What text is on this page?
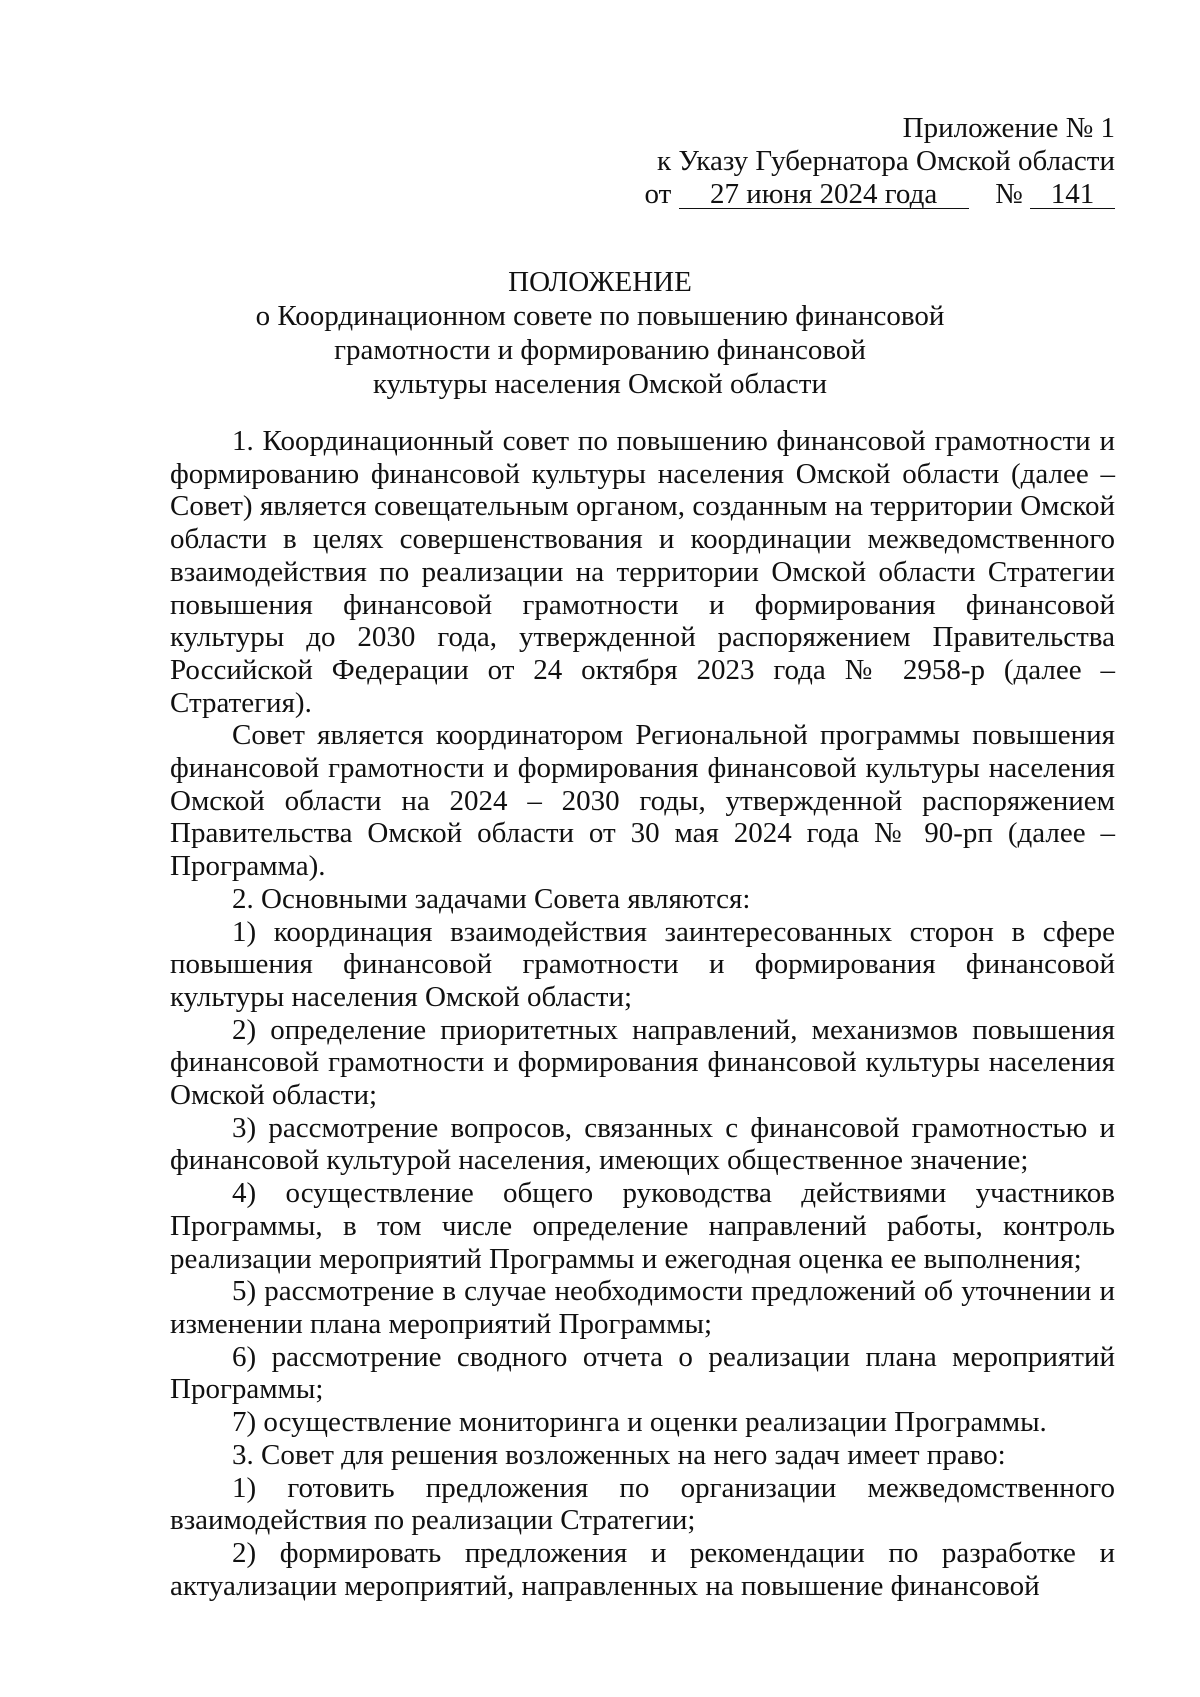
Приложение № 1
к Указу Губернатора Омской области
от 27 июня 2024 года № 141
ПОЛОЖЕНИЕ
о Координационном совете по повышению финансовой
грамотности и формированию финансовой
культуры населения Омской области

1. Координационный совет по повышению финансовой грамотности и формированию финансовой культуры населения Омской области (далее – Совет) является совещательным органом, созданным на территории Омской области в целях совершенствования и координации межведомственного взаимодействия по реализации на территории Омской области Стратегии повышения финансовой грамотности и формирования финансовой культуры до 2030 года, утвержденной распоряжением Правительства Российской Федерации от 24 октября 2023 года № 2958-р (далее – Стратегия).

Совет является координатором Региональной программы повышения финансовой грамотности и формирования финансовой культуры населения Омской области на 2024 – 2030 годы, утвержденной распоряжением Правительства Омской области от 30 мая 2024 года № 90-рп (далее – Программа).

2. Основными задачами Совета являются:

1) координация взаимодействия заинтересованных сторон в сфере повышения финансовой грамотности и формирования финансовой культуры населения Омской области;

2) определение приоритетных направлений, механизмов повышения финансовой грамотности и формирования финансовой культуры населения Омской области;

3) рассмотрение вопросов, связанных с финансовой грамотностью и финансовой культурой населения, имеющих общественное значение;

4) осуществление общего руководства действиями участников Программы, в том числе определение направлений работы, контроль реализации мероприятий Программы и ежегодная оценка ее выполнения;

5) рассмотрение в случае необходимости предложений об уточнении и изменении плана мероприятий Программы;

6) рассмотрение сводного отчета о реализации плана мероприятий Программы;

7) осуществление мониторинга и оценки реализации Программы.

3. Совет для решения возложенных на него задач имеет право:

1) готовить предложения по организации межведомственного взаимодействия по реализации Стратегии;

2) формировать предложения и рекомендации по разработке и актуализации мероприятий, направленных на повышение финансовой
